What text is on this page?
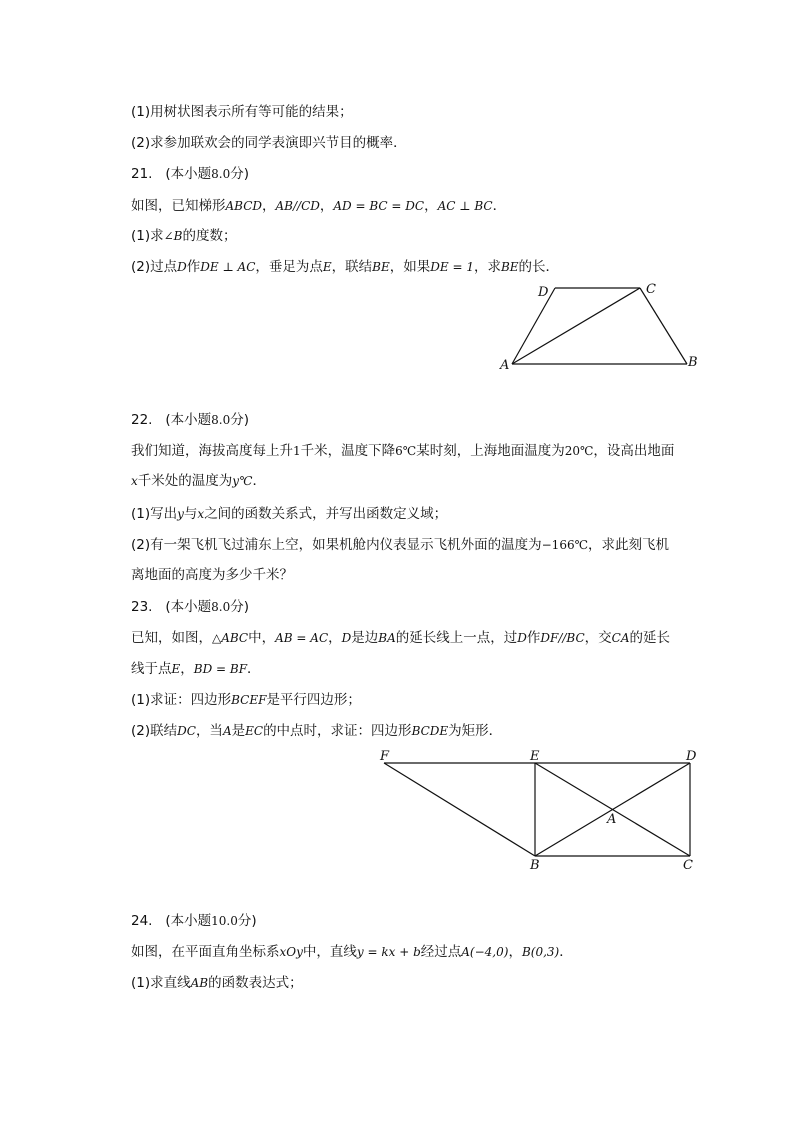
(1)用树状图表示所有等可能的结果；
(2)求参加联欢会的同学表演即兴节目的概率．
21. (本小题8.0分)
如图，已知梯形ABCD，AB//CD，AD = BC = DC，AC ⊥ BC．
(1)求∠B的度数；
(2)过点D作DE ⊥ AC，垂足为点E，联结BE，如果DE = 1，求BE的长．
A	B
C
D
22. (本小题8.0分)
我们知道，海拔高度每上升1千米，温度下降6℃某时刻，上海地面温度为20℃，设高出地面
x千米处的温度为y℃．
(1)写出y与x之间的函数关系式，并写出函数定义域；
(2)有一架飞机飞过浦东上空，如果机舱内仪表显示飞机外面的温度为−166℃，求此刻飞机
离地面的高度为多少千米？
23. (本小题8.0分)
已知，如图，△ABC中，AB = AC，D是边BA的延长线上一点，过D作DF//BC，交CA的延长
线于点E，BD = BF．
(1)求证：四边形BCEF是平行四边形；
(2)联结DC，当A是EC的中点时，求证：四边形BCDE为矩形．
F	E	D
A
B	C
24. (本小题10.0分)
如图，在平面直角坐标系xOy中，直线y = kx + b经过点A(−4,0)，B(0,3)．
(1)求直线AB的函数表达式；
